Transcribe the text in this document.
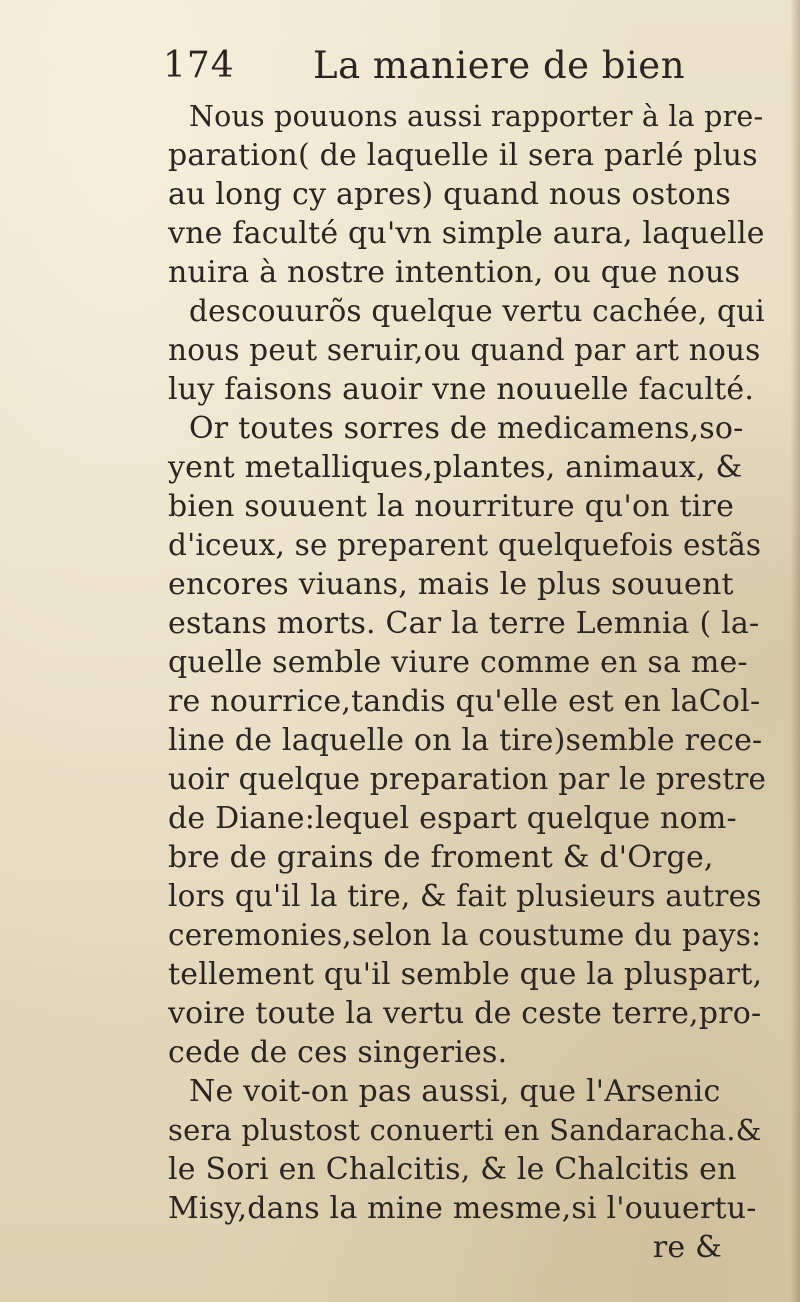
174 La maniere de bien
Nous pouuons aussi rapporter à la pre-
paration( de laquelle il sera parlé plus
au long cy apres) quand nous ostons
vne faculté qu'vn simple aura, laquelle
nuira à nostre intention, ou que nous
descouurõs quelque vertu cachée, qui
nous peut seruir,ou quand par art nous
luy faisons auoir vne nouuelle faculté.
Or toutes sorres de medicamens,so-
yent metalliques,plantes, animaux, &
bien souuent la nourriture qu'on tire
d'iceux, se preparent quelquefois estãs
encores viuans, mais le plus souuent
estans morts. Car la terre Lemnia ( la-
quelle semble viure comme en sa me-
re nourrice,tandis qu'elle est en laCol-
line de laquelle on la tire)semble rece-
uoir quelque preparation par le prestre
de Diane:lequel espart quelque nom-
bre de grains de froment & d'Orge,
lors qu'il la tire, & fait plusieurs autres
ceremonies,selon la coustume du pays:
tellement qu'il semble que la pluspart,
voire toute la vertu de ceste terre,pro-
cede de ces singeries.
Ne voit-on pas aussi, que l'Arsenic
sera plustost conuerti en Sandaracha.&
le Sori en Chalcitis, & le Chalcitis en
Misy,dans la mine mesme,si l'ouuertu-
re &
